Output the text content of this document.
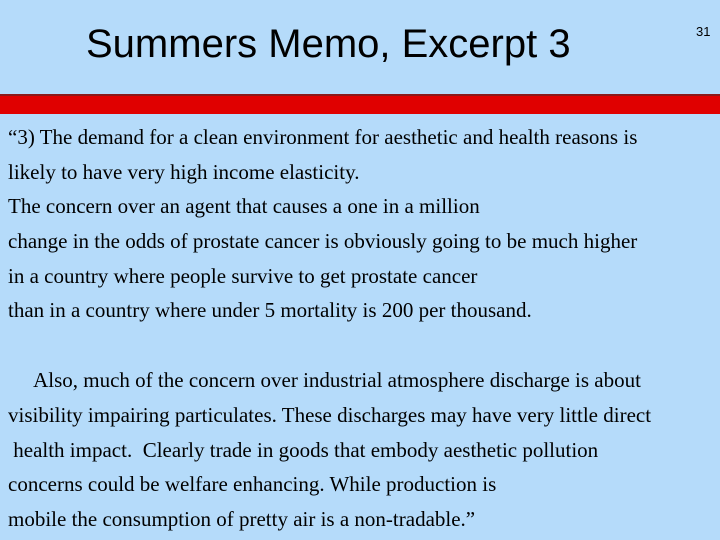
Summers Memo, Excerpt 3	31
“3) The demand for a clean environment for aesthetic and health reasons is
likely to have very high income elasticity.
The concern over an agent that causes a one in a million
change in the odds of prostate cancer is obviously going to be much higher
in a country where people survive to get prostate cancer
than in a country where under 5 mortality is 200 per thousand.
Also, much of the concern over industrial atmosphere discharge is about
visibility impairing particulates. These discharges may have very little direct
health impact.  Clearly trade in goods that embody aesthetic pollution
concerns could be welfare enhancing. While production is
mobile the consumption of pretty air is a non-tradable.”
